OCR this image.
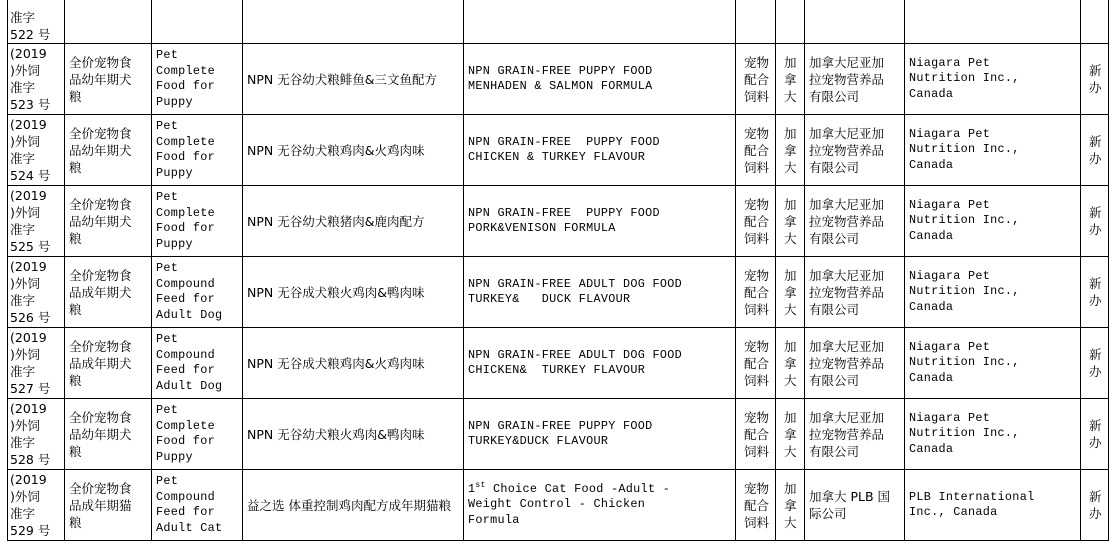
准字
522 号									

(2019
)外饲
准字
523 号	全价宠物食
品幼年期犬
粮	Pet
Complete
Food for
Puppy	NPN 无谷幼犬粮鲱鱼&三文鱼配方	NPN GRAIN-FREE PUPPY FOOD
MENHADEN & SALMON FORMULA	宠物
配合
饲料	加
拿
大	加拿大尼亚加
拉宠物营养品
有限公司	Niagara Pet
Nutrition Inc.,
Canada	新
办

(2019
)外饲
准字
524 号	全价宠物食
品幼年期犬
粮	Pet
Complete
Food for
Puppy	NPN 无谷幼犬粮鸡肉&火鸡肉味	NPN GRAIN-FREE  PUPPY FOOD
CHICKEN & TURKEY FLAVOUR	宠物
配合
饲料	加
拿
大	加拿大尼亚加
拉宠物营养品
有限公司	Niagara Pet
Nutrition Inc.,
Canada	新
办

(2019
)外饲
准字
525 号	全价宠物食
品幼年期犬
粮	Pet
Complete
Food for
Puppy	NPN 无谷幼犬粮猪肉&鹿肉配方	NPN GRAIN-FREE  PUPPY FOOD
PORK&VENISON FORMULA	宠物
配合
饲料	加
拿
大	加拿大尼亚加
拉宠物营养品
有限公司	Niagara Pet
Nutrition Inc.,
Canada	新
办

(2019
)外饲
准字
526 号	全价宠物食
品成年期犬
粮	Pet
Compound
Feed for
Adult Dog	NPN 无谷成犬粮火鸡肉&鸭肉味	NPN GRAIN-FREE ADULT DOG FOOD
TURKEY&   DUCK FLAVOUR	宠物
配合
饲料	加
拿
大	加拿大尼亚加
拉宠物营养品
有限公司	Niagara Pet
Nutrition Inc.,
Canada	新
办

(2019
)外饲
准字
527 号	全价宠物食
品成年期犬
粮	Pet
Compound
Feed for
Adult Dog	NPN 无谷成犬粮鸡肉&火鸡肉味	NPN GRAIN-FREE ADULT DOG FOOD
CHICKEN&  TURKEY FLAVOUR	宠物
配合
饲料	加
拿
大	加拿大尼亚加
拉宠物营养品
有限公司	Niagara Pet
Nutrition Inc.,
Canada	新
办

(2019
)外饲
准字
528 号	全价宠物食
品幼年期犬
粮	Pet
Complete
Food for
Puppy	NPN 无谷幼犬粮火鸡肉&鸭肉味	NPN GRAIN-FREE PUPPY FOOD
TURKEY&DUCK FLAVOUR	宠物
配合
饲料	加
拿
大	加拿大尼亚加
拉宠物营养品
有限公司	Niagara Pet
Nutrition Inc.,
Canada	新
办

(2019
)外饲
准字
529 号	全价宠物食
品成年期猫
粮	Pet
Compound
Feed for
Adult Cat	益之选 体重控制鸡肉配方成年期猫粮	1st Choice Cat Food -Adult -
Weight Control - Chicken
Formula	宠物
配合
饲料	加
拿
大	加拿大 PLB 国
际公司	PLB International
Inc., Canada	新
办
